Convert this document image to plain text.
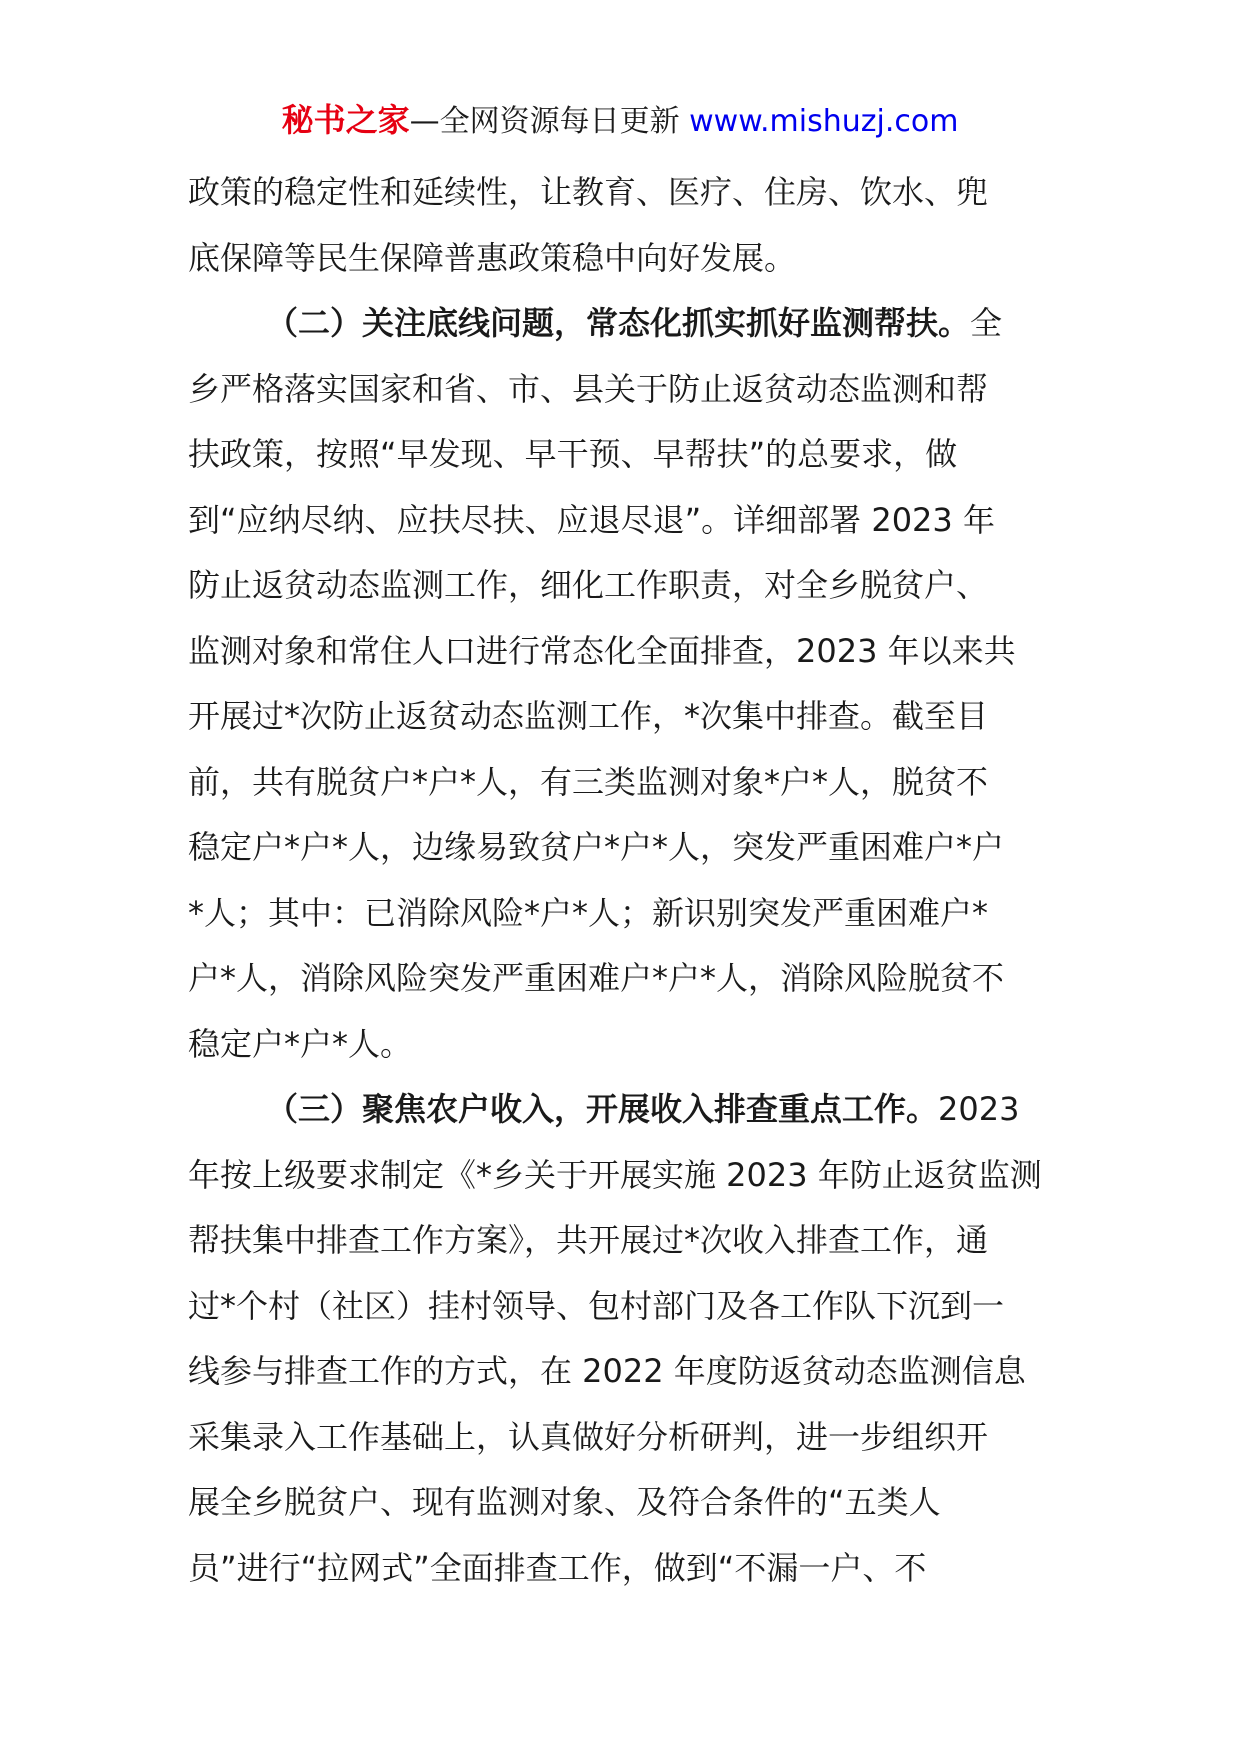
秘书之家—全网资源每日更新 www.mishuzj.com
政策的稳定性和延续性，让教育、医疗、住房、饮水、兜
底保障等民生保障普惠政策稳中向好发展。
（二）关注底线问题，常态化抓实抓好监测帮扶。全
乡严格落实国家和省、市、县关于防止返贫动态监测和帮
扶政策，按照“早发现、早干预、早帮扶”的总要求，做
到“应纳尽纳、应扶尽扶、应退尽退”。详细部署 2023 年
防止返贫动态监测工作，细化工作职责，对全乡脱贫户、
监测对象和常住人口进行常态化全面排查，2023 年以来共
开展过*次防止返贫动态监测工作，*次集中排查。截至目
前，共有脱贫户*户*人，有三类监测对象*户*人，脱贫不
稳定户*户*人，边缘易致贫户*户*人，突发严重困难户*户
*人；其中：已消除风险*户*人；新识别突发严重困难户*
户*人，消除风险突发严重困难户*户*人，消除风险脱贫不
稳定户*户*人。
（三）聚焦农户收入，开展收入排查重点工作。2023
年按上级要求制定《*乡关于开展实施 2023 年防止返贫监测
帮扶集中排查工作方案》，共开展过*次收入排查工作，通
过*个村（社区）挂村领导、包村部门及各工作队下沉到一
线参与排查工作的方式，在 2022 年度防返贫动态监测信息
采集录入工作基础上，认真做好分析研判，进一步组织开
展全乡脱贫户、现有监测对象、及符合条件的“五类人
员”进行“拉网式”全面排查工作，做到“不漏一户、不
